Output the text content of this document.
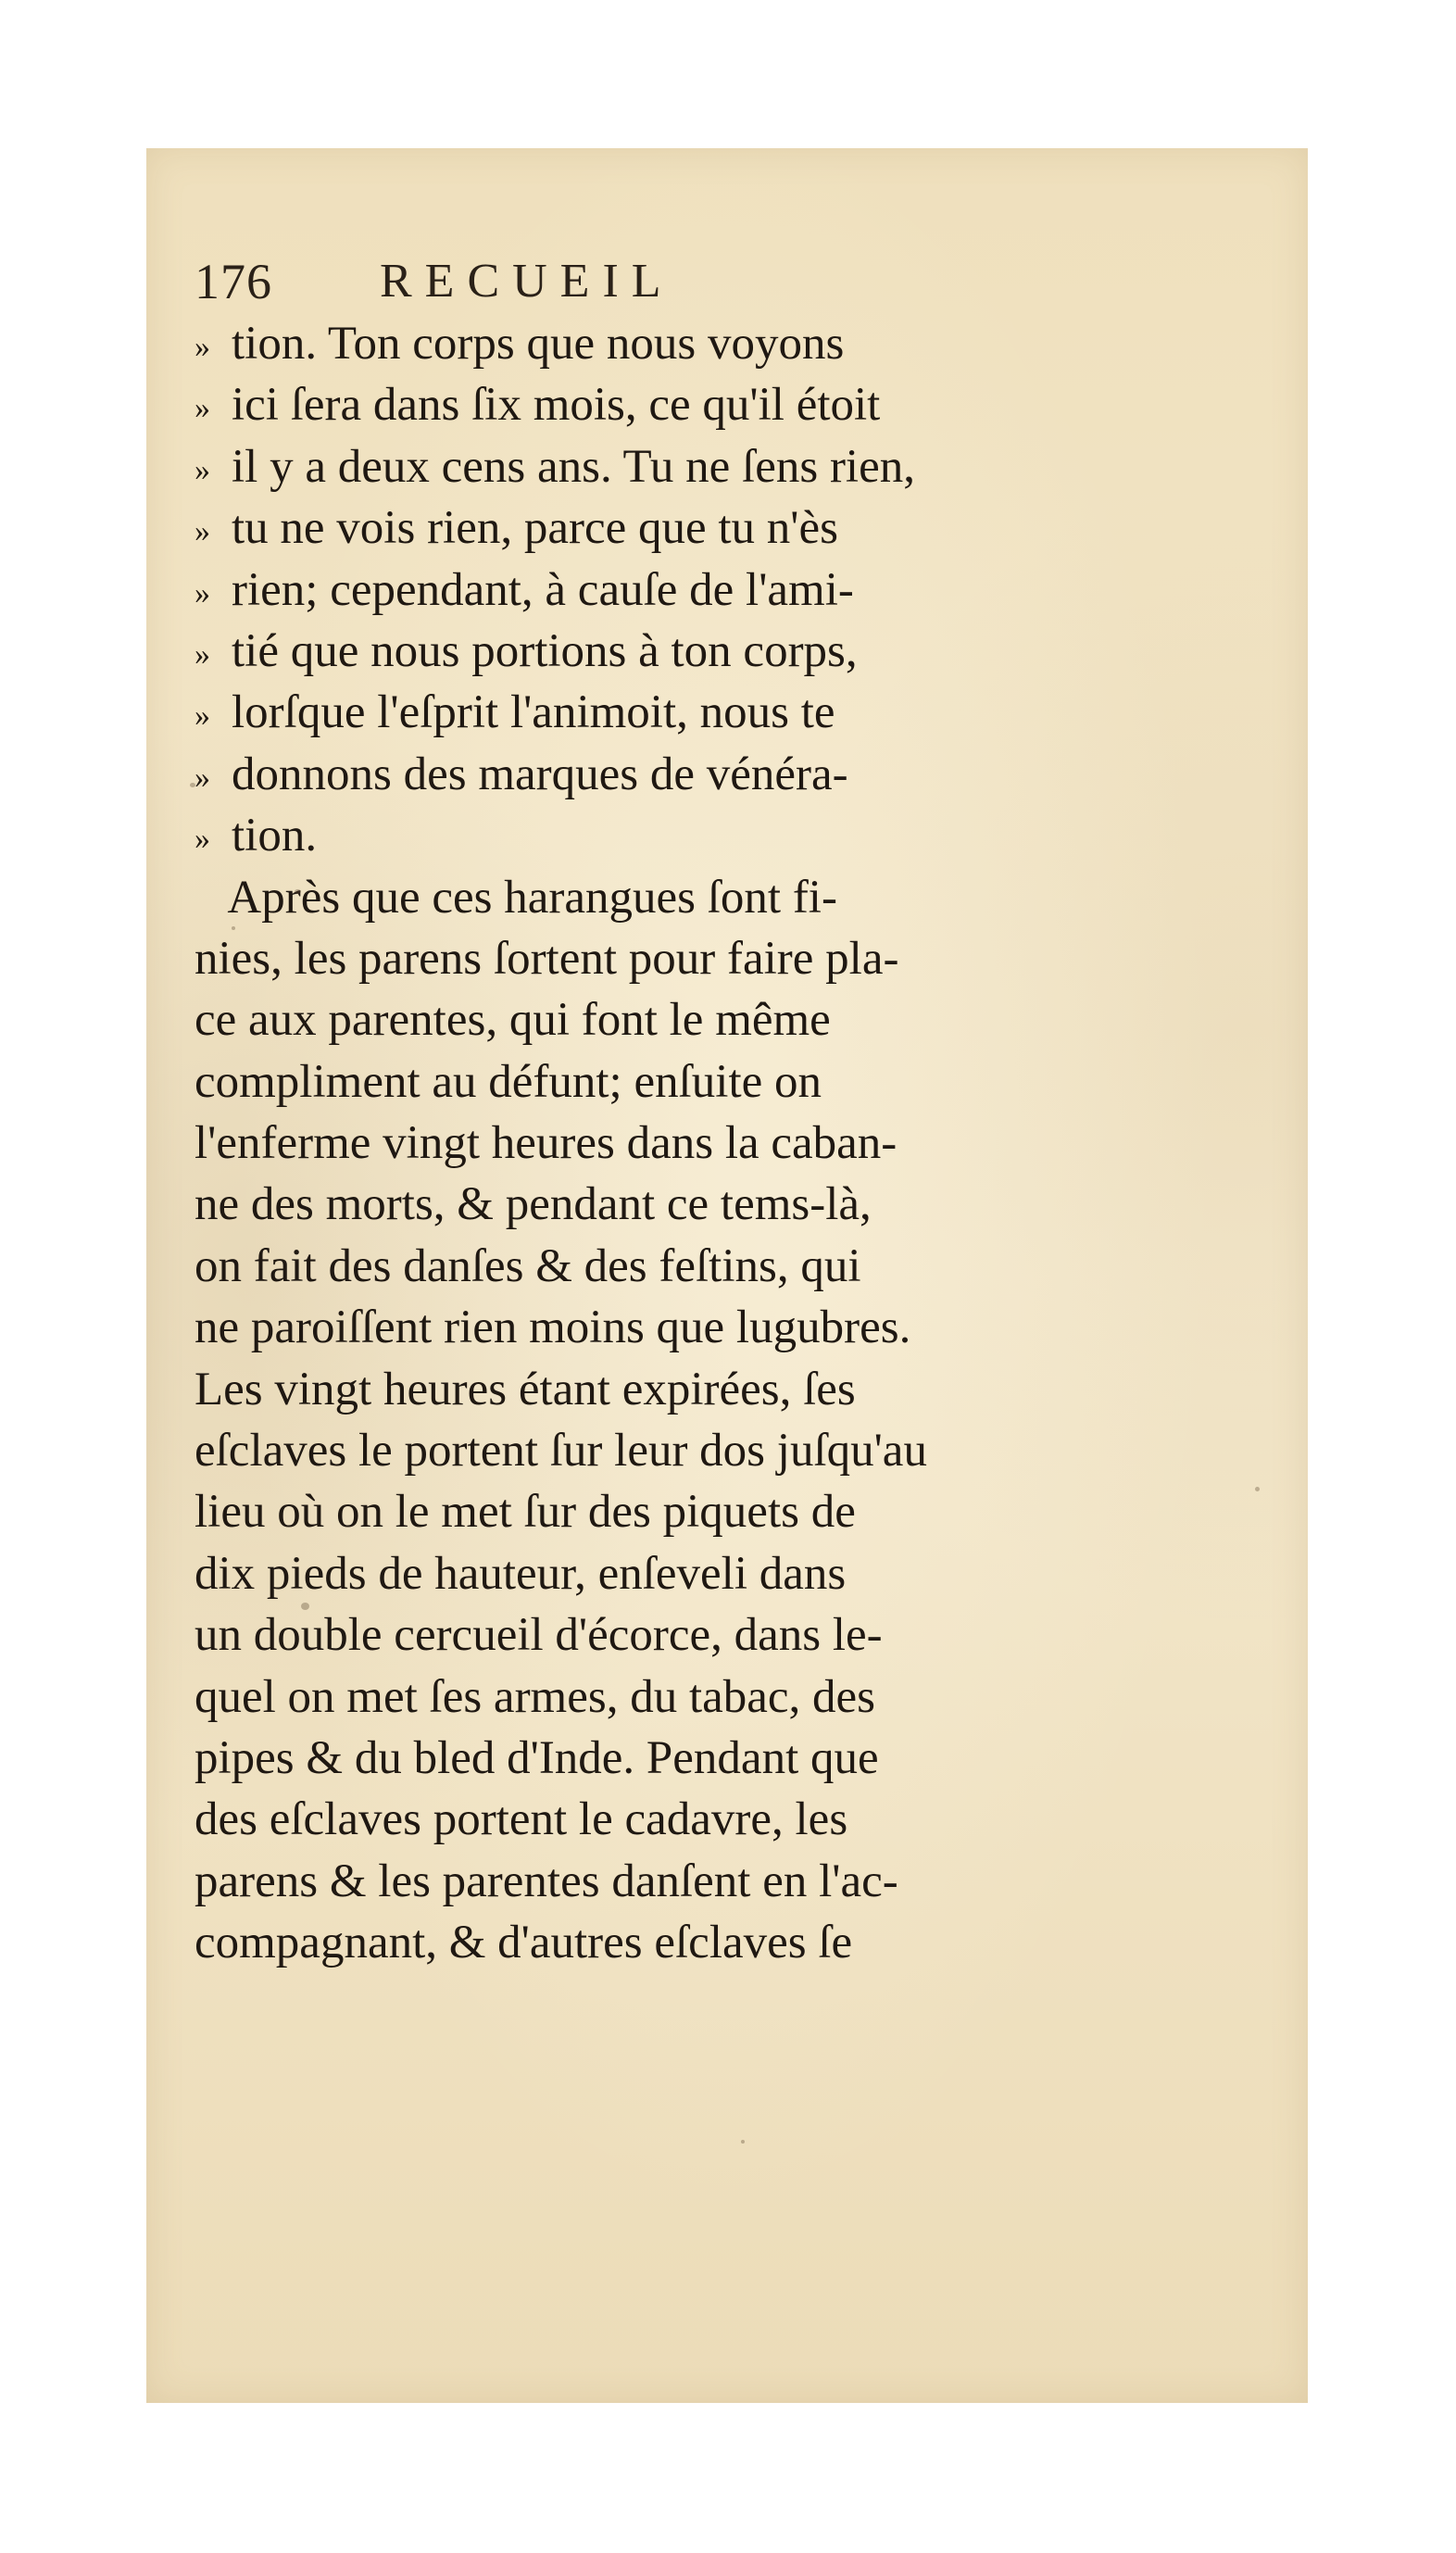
176 RECUEIL
» tion. Ton corps que nous voyons
» ici ſera dans ſix mois, ce qu'il étoit
» il y a deux cens ans. Tu ne ſens rien,
» tu ne vois rien, parce que tu n'ès
» rien; cependant, à cauſe de l'ami-
» tié que nous portions à ton corps,
» lorſque l'eſprit l'animoit, nous te
» donnons des marques de vénéra-
» tion.
Après que ces harangues ſont fi-
nies, les parens ſortent pour faire pla-
ce aux parentes, qui font le même
compliment au défunt; enſuite on
l'enferme vingt heures dans la caban-
ne des morts, & pendant ce tems-là,
on fait des danſes & des feſtins, qui
ne paroiſſent rien moins que lugubres.
Les vingt heures étant expirées, ſes
eſclaves le portent ſur leur dos juſqu'au
lieu où on le met ſur des piquets de
dix pieds de hauteur, enſeveli dans
un double cercueil d'écorce, dans le-
quel on met ſes armes, du tabac, des
pipes & du bled d'Inde. Pendant que
des eſclaves portent le cadavre, les
parens & les parentes danſent en l'ac-
compagnant, & d'autres eſclaves ſe
